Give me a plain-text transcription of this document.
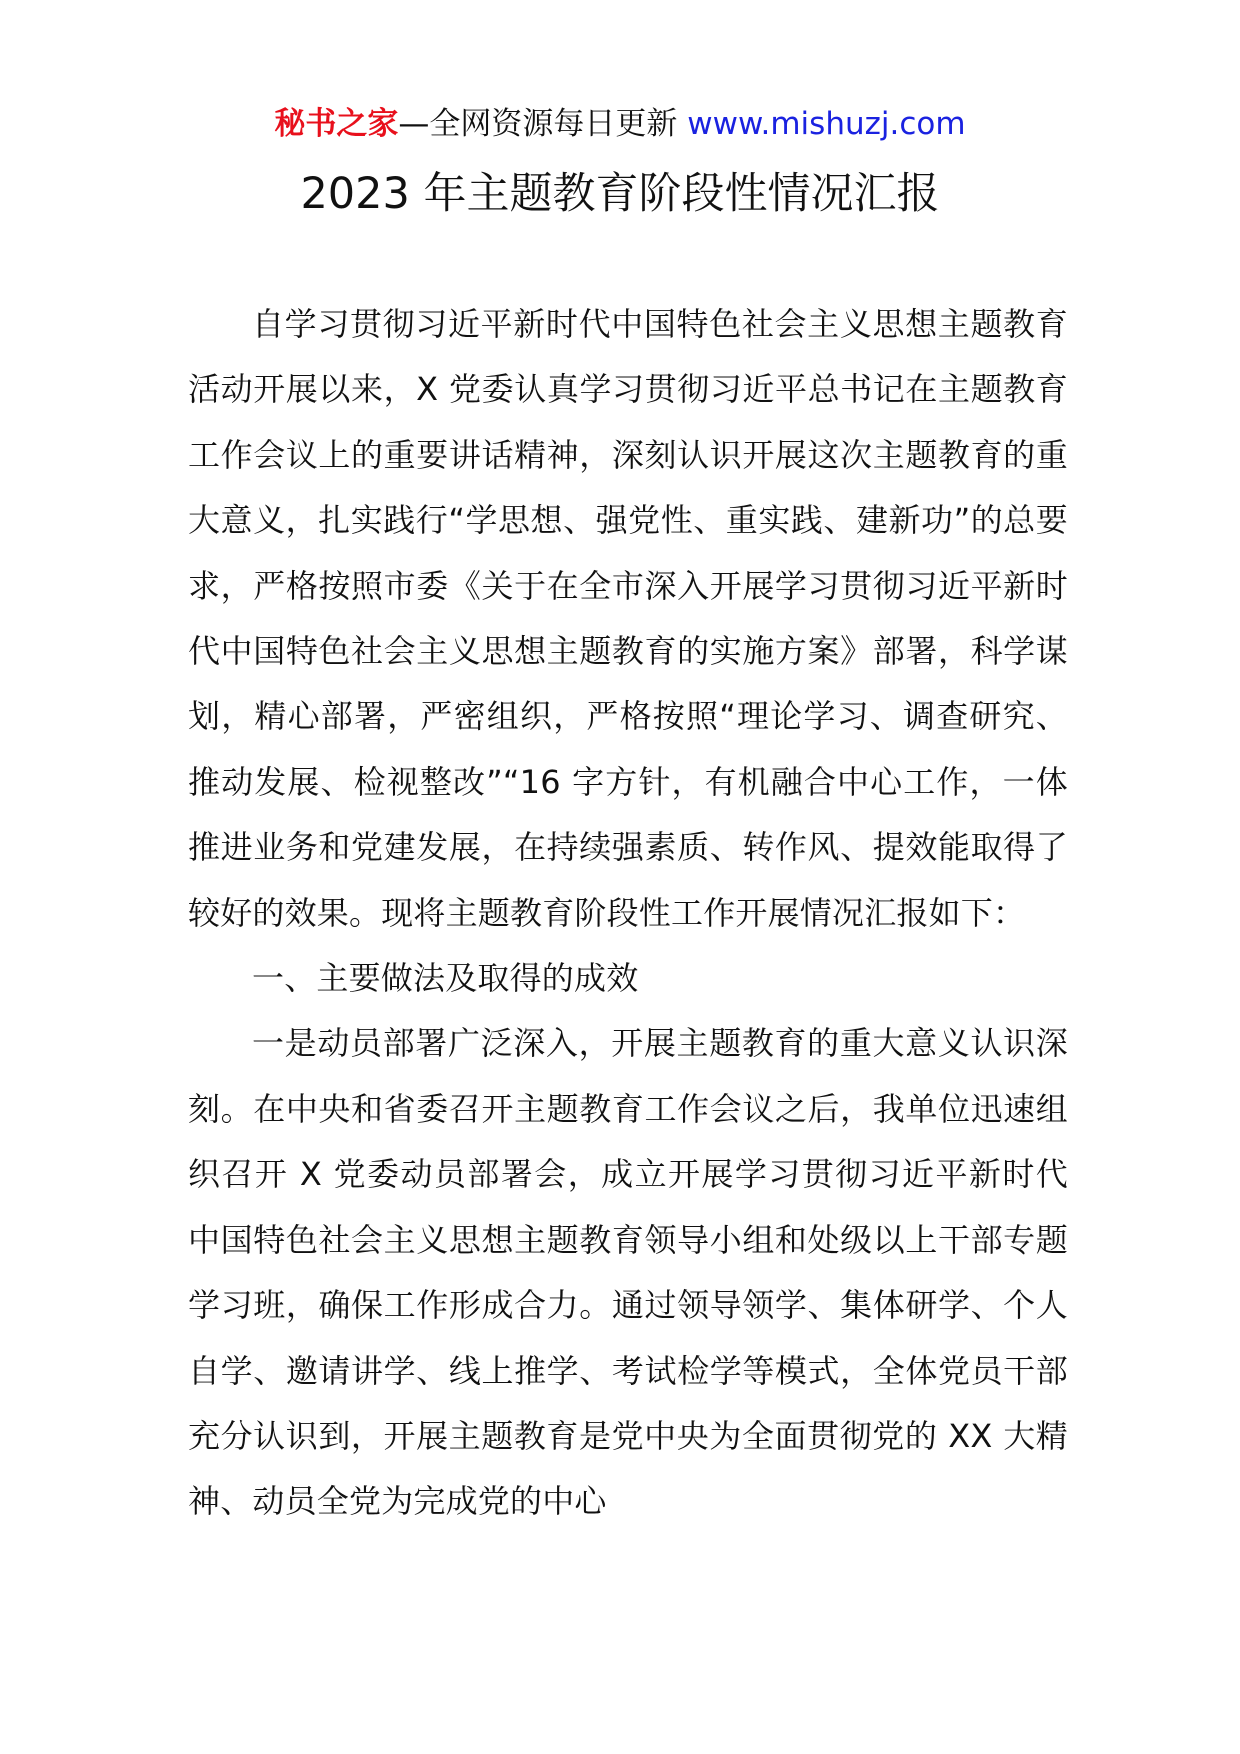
秘书之家—全网资源每日更新 www.mishuzj.com
2023 年主题教育阶段性情况汇报

自学习贯彻习近平新时代中国特色社会主义思想主题教育活动开展以来，X 党委认真学习贯彻习近平总书记在主题教育工作会议上的重要讲话精神，深刻认识开展这次主题教育的重大意义，扎实践行“学思想、强党性、重实践、建新功”的总要求，严格按照市委《关于在全市深入开展学习贯彻习近平新时代中国特色社会主义思想主题教育的实施方案》部署，科学谋划，精心部署，严密组织，严格按照“理论学习、调查研究、推动发展、检视整改”“16 字方针，有机融合中心工作，一体推进业务和党建发展，在持续强素质、转作风、提效能取得了较好的效果。现将主题教育阶段性工作开展情况汇报如下：

一、主要做法及取得的成效

一是动员部署广泛深入，开展主题教育的重大意义认识深刻。在中央和省委召开主题教育工作会议之后，我单位迅速组织召开 X 党委动员部署会，成立开展学习贯彻习近平新时代中国特色社会主义思想主题教育领导小组和处级以上干部专题学习班，确保工作形成合力。通过领导领学、集体研学、个人自学、邀请讲学、线上推学、考试检学等模式，全体党员干部充分认识到，开展主题教育是党中央为全面贯彻党的 XX 大精神、动员全党为完成党的中心
